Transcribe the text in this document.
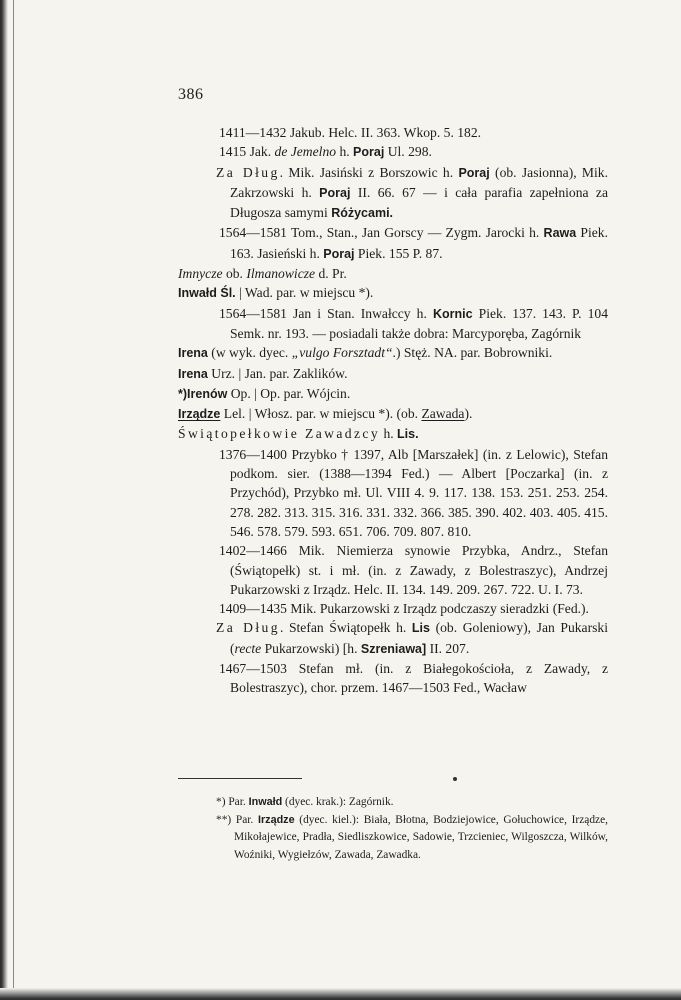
386
1411—1432 Jakub. Helc. II. 363. Wkop. 5. 182.
1415 Jak. de Jemelno h. Poraj Ul. 298.
Za Dług. Mik. Jasiński z Borszowic h. Poraj (ob. Jasionna), Mik. Zakrzowski h. Poraj II. 66. 67 — i cała parafia zapełniona za Długosza samymi Różycami.
1564—1581 Tom., Stan., Jan Gorscy — Zygm. Jarocki h. Rawa Piek. 163. Jasieński h. Poraj Piek. 155 P. 87.
Imnycze ob. Ilmanowicze d. Pr.
Inwałd Śl. | Wad. par. w miejscu *).
1564—1581 Jan i Stan. Inwałccy h. Kornic Piek. 137. 143. P. 104 Semk. nr. 193. — posiadali także dobra: Marcyporęba, Zagórnik
Irena (w wyk. dyec. „vulgo Forsztadt“.) Stęż. NA. par. Bobrowniki.
Irena Urz. | Jan. par. Zaklików.
*)Irenów Op. | Op. par. Wójcin.
Irządze Lel. | Włosz. par. w miejscu *). (ob. Zawada).
Świątopełkowie Zawadzcy h. Lis.
1376—1400 Przybko † 1397, Alb [Marszałek] (in. z Lelowic), Stefan podkom. sier. (1388—1394 Fed.) — Albert [Poczarka] (in. z Przychód), Przybko mł. Ul. VIII 4. 9. 117. 138. 153. 251. 253. 254. 278. 282. 313. 315. 316. 331. 332. 366. 385. 390. 402. 403. 405. 415. 546. 578. 579. 593. 651. 706. 709. 807. 810.
1402—1466 Mik. Niemierza synowie Przybka, Andrz., Stefan (Świątopełk) st. i mł. (in. z Zawady, z Bolestraszyc), Andrzej Pukarzowski z Irządz. Helc. II. 134. 149. 209. 267. 722. U. I. 73.
1409—1435 Mik. Pukarzowski z Irządz podczaszy sieradzki (Fed.).
Za Dług. Stefan Świątopełk h. Lis (ob. Goleniowy), Jan Pukarski (recte Pukarzowski) [h. Szreniawa] II. 207.
1467—1503 Stefan mł. (in. z Białegokościoła, z Zawady, z Bolestraszyc), chor. przem. 1467—1503 Fed., Wacław
*) Par. Inwałd (dyec. krak.): Zagórnik.
**) Par. Irządze (dyec. kiel.): Biała, Błotna, Bodziejowice, Gołuchowice, Irządze, Mikołajewice, Pradła, Siedliszkowice, Sadowie, Trzcieniec, Wilgoszcza, Wilków, Woźniki, Wygiełzów, Zawada, Zawadka.
